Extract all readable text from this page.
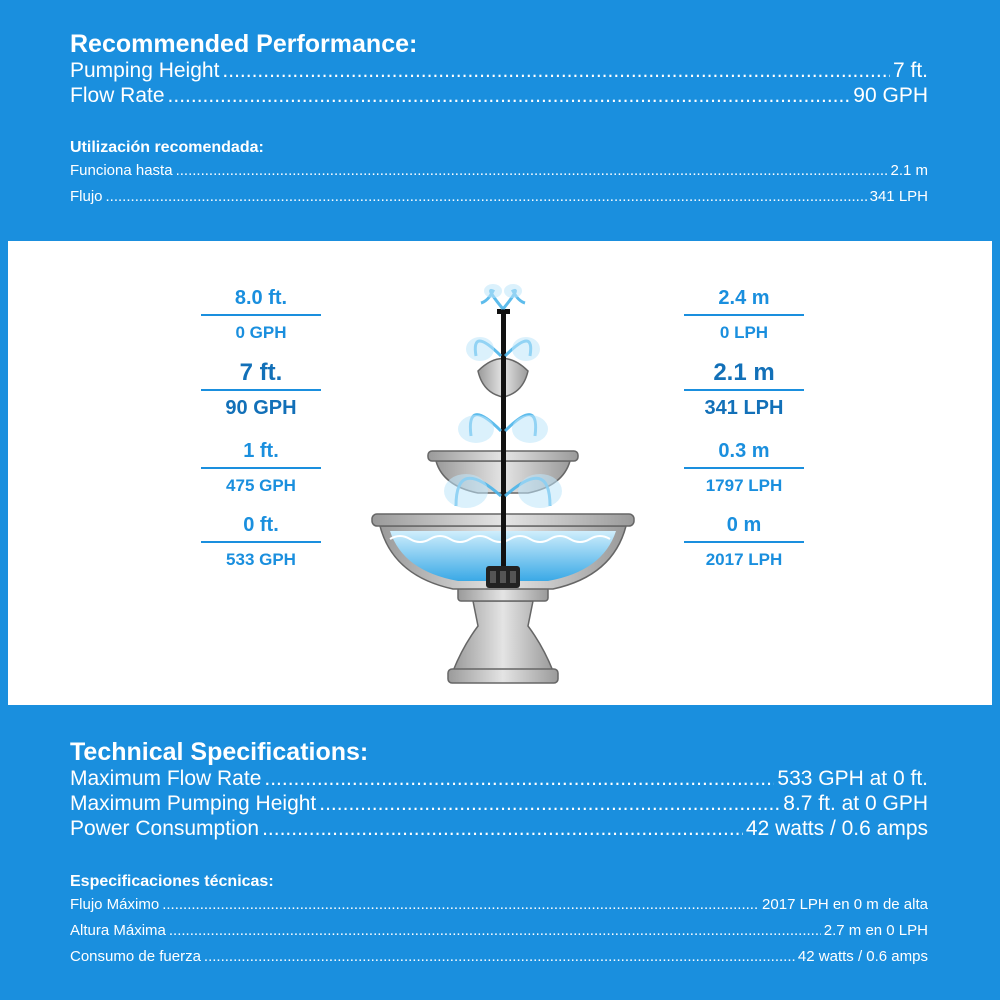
Recommended Performance:
Pumping Height .....	7 ft.
Flow Rate .....	90 GPH
Utilización recomendada:
Funciona hasta .....	2.1 m
Flujo .....	341 LPH
8.0 ft.
0 GPH
7 ft.
90 GPH
1 ft.
475 GPH
0 ft.
533 GPH
2.4 m
0 LPH
2.1 m
341 LPH
0.3 m
1797 LPH
0 m
2017 LPH
Technical Specifications:
Maximum Flow Rate .....	533 GPH at 0 ft.
Maximum Pumping Height .....	8.7 ft. at 0 GPH
Power Consumption .....	42 watts / 0.6 amps
Especificaciones técnicas:
Flujo Máximo .....	2017 LPH en 0 m de alta
Altura Máxima .....	2.7 m en 0 LPH
Consumo de fuerza .....	42 watts / 0.6 amps
